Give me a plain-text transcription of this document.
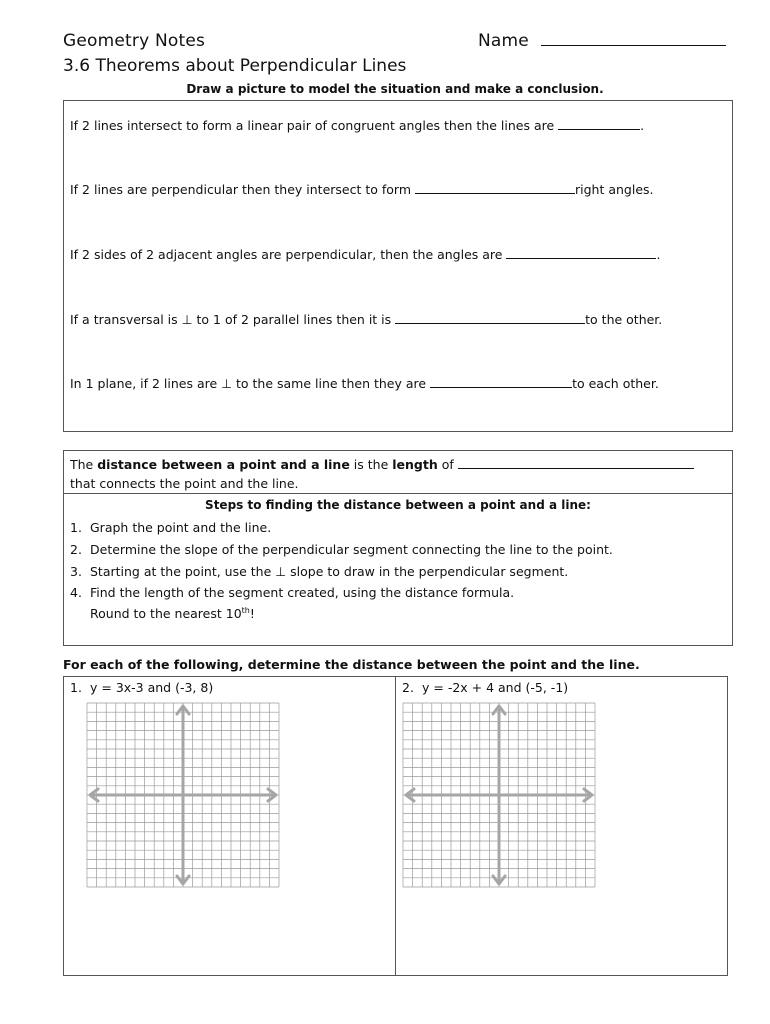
Geometry Notes	Name
3.6 Theorems about Perpendicular Lines
Draw a picture to model the situation and make a conclusion.
If 2 lines intersect to form a linear pair of congruent angles then the lines are	.
If 2 lines are perpendicular then they intersect to form	right angles.
If 2 sides of 2 adjacent angles are perpendicular, then the angles are	.
If a transversal is ⊥ to 1 of 2 parallel lines then it is	to the other.
In 1 plane, if 2 lines are ⊥ to the same line then they are	to each other.
The distance between a point and a line is the length of
that connects the point and the line.
Steps to finding the distance between a point and a line:
1. Graph the point and the line.
2. Determine the slope of the perpendicular segment connecting the line to the point.
3. Starting at the point, use the ⊥ slope to draw in the perpendicular segment.
4. Find the length of the segment created, using the distance formula.
Round to the nearest 10th!
For each of the following, determine the distance between the point and the line.
1. y = 3x-3 and (-3, 8)	2. y = -2x + 4 and (-5, -1)
